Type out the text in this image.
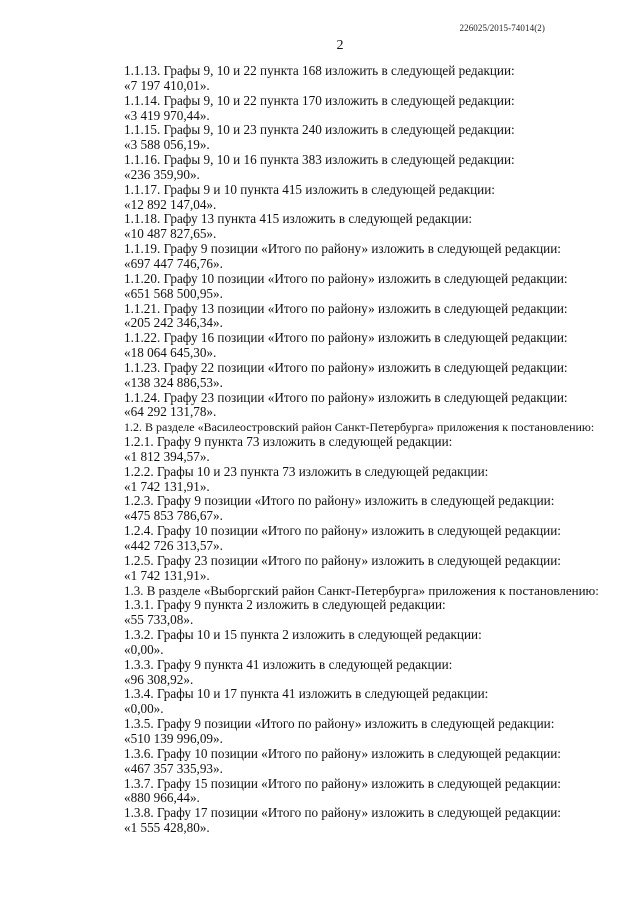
226025/2015-74014(2)
2
1.1.13. Графы 9, 10 и 22 пункта 168 изложить в следующей редакции:
«7 197 410,01».
1.1.14. Графы 9, 10 и 22 пункта 170 изложить в следующей редакции:
«3 419 970,44».
1.1.15. Графы 9, 10 и 23 пункта 240 изложить в следующей редакции:
«3 588 056,19».
1.1.16. Графы 9, 10 и 16 пункта 383 изложить в следующей редакции:
«236 359,90».
1.1.17. Графы 9 и 10 пункта 415 изложить в следующей редакции:
«12 892 147,04».
1.1.18. Графу 13 пункта 415 изложить в следующей редакции:
«10 487 827,65».
1.1.19. Графу 9 позиции «Итого по району» изложить в следующей редакции:
«697 447 746,76».
1.1.20. Графу 10 позиции «Итого по району» изложить в следующей редакции:
«651 568 500,95».
1.1.21. Графу 13 позиции «Итого по району» изложить в следующей редакции:
«205 242 346,34».
1.1.22. Графу 16 позиции «Итого по району» изложить в следующей редакции:
«18 064 645,30».
1.1.23. Графу 22 позиции «Итого по району» изложить в следующей редакции:
«138 324 886,53».
1.1.24. Графу 23 позиции «Итого по району» изложить в следующей редакции:
«64 292 131,78».
1.2. В разделе «Василеостровский район Санкт-Петербурга» приложения к постановлению:
1.2.1. Графу 9 пункта 73 изложить в следующей редакции:
«1 812 394,57».
1.2.2. Графы 10 и 23 пункта 73 изложить в следующей редакции:
«1 742 131,91».
1.2.3. Графу 9 позиции «Итого по району» изложить в следующей редакции:
«475 853 786,67».
1.2.4. Графу 10 позиции «Итого по району» изложить в следующей редакции:
«442 726 313,57».
1.2.5. Графу 23 позиции «Итого по району» изложить в следующей редакции:
«1 742 131,91».
1.3. В разделе «Выборгский район Санкт-Петербурга» приложения к постановлению:
1.3.1. Графу 9 пункта 2 изложить в следующей редакции:
«55 733,08».
1.3.2. Графы 10 и 15 пункта 2 изложить в следующей редакции:
«0,00».
1.3.3. Графу 9 пункта 41 изложить в следующей редакции:
«96 308,92».
1.3.4. Графы 10 и 17 пункта 41 изложить в следующей редакции:
«0,00».
1.3.5. Графу 9 позиции «Итого по району» изложить в следующей редакции:
«510 139 996,09».
1.3.6. Графу 10 позиции «Итого по району» изложить в следующей редакции:
«467 357 335,93».
1.3.7. Графу 15 позиции «Итого по району» изложить в следующей редакции:
«880 966,44».
1.3.8. Графу 17 позиции «Итого по району» изложить в следующей редакции:
«1 555 428,80».
